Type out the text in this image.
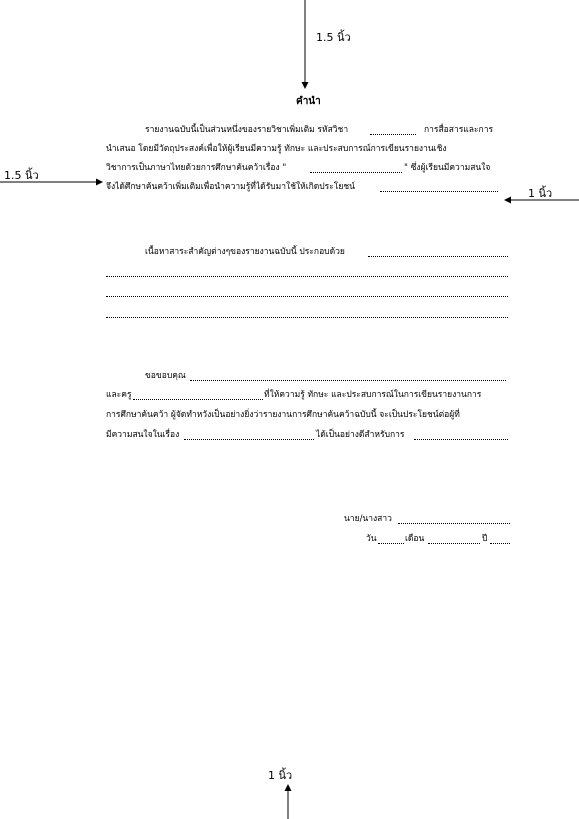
1.5 นิ้ว
1.5 นิ้ว
1 นิ้ว
1 นิ้ว
คำนำ
รายงานฉบับนี้เป็นส่วนหนึ่งของรายวิชาเพิ่มเติม รหัสวิชา	การสื่อสารและการ
นำเสนอ โดยมีวัตถุประสงค์เพื่อให้ผู้เรียนมีความรู้ ทักษะ และประสบการณ์การเขียนรายงานเชิง
วิชาการเป็นภาษาไทยด้วยการศึกษาค้นคว้าเรื่อง "	" ซึ่งผู้เรียนมีความสนใจ
จึงได้ศึกษาค้นคว้าเพิ่มเติมเพื่อนำความรู้ที่ได้รับมาใช้ให้เกิดประโยชน์
เนื้อหาสาระสำคัญต่างๆของรายงานฉบับนี้ ประกอบด้วย
ขอขอบคุณ
และครู	ที่ให้ความรู้ ทักษะ และประสบการณ์ในการเขียนรายงานการ
การศึกษาค้นคว้า ผู้จัดทำหวังเป็นอย่างยิ่งว่ารายงานการศึกษาค้นคว้าฉบับนี้ จะเป็นประโยชน์ต่อผู้ที่
มีความสนใจในเรื่อง	ได้เป็นอย่างดีสำหรับการ
นาย/นางสาว
วัน	เดือน	ปี
